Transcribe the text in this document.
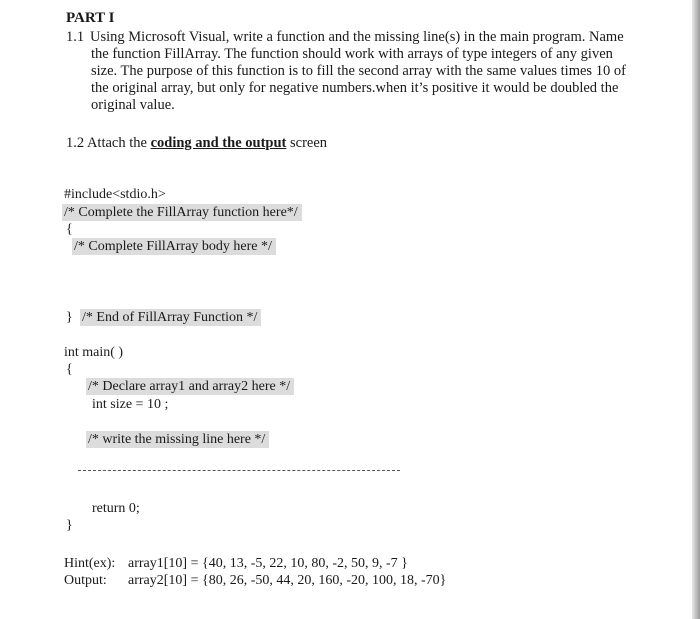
PART I
1.1 Using Microsoft Visual, write a function and the missing line(s) in the main program. Name
the function FillArray. The function should work with arrays of type integers of any given
size. The purpose of this function is to fill the second array with the same values times 10 of
the original array, but only for negative numbers.when it’s positive it would be doubled the
original value.
1.2 Attach the coding and the output screen
#include<stdio.h>
/* Complete the FillArray function here*/
{
/* Complete FillArray body here */
} /* End of FillArray Function */
int main( )
{
/* Declare array1 and array2 here */
int size = 10 ;
/* write the missing line here */
return 0;
}
Hint(ex): array1[10] = {40, 13, -5, 22, 10, 80, -2, 50, 9, -7 }
Output: array2[10] = {80, 26, -50, 44, 20, 160, -20, 100, 18, -70}
